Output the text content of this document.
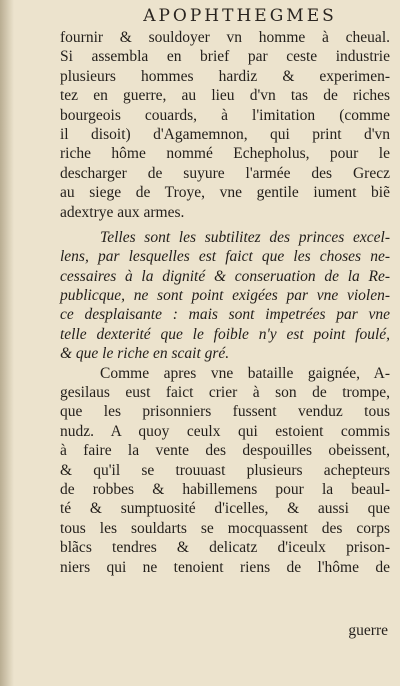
APOPHTHEGMES
fournir & souldoyer vn homme à cheual.
Si assembla en brief par ceste industrie
plusieurs hommes hardiz & experimen-
tez en guerre, au lieu d'vn tas de riches
bourgeois couards, à l'imitation (comme
il disoit) d'Agamemnon, qui print d'vn
riche hôme nommé Echepholus, pour le
descharger de suyure l'armée des Grecz
au siege de Troye, vne gentile iument biẽ
adextrye aux armes.
Telles sont les subtilitez des princes excel-
lens, par lesquelles est faict que les choses ne-
cessaires à la dignité & conseruation de la Re-
publicque, ne sont point exigées par vne violen-
ce desplaisante : mais sont impetrées par vne
telle dexterité que le foible n'y est point foulé,
& que le riche en scait gré.
Comme apres vne bataille gaignée, A-
gesilaus eust faict crier à son de trompe,
que les prisonniers fussent venduz tous
nudz. A quoy ceulx qui estoient commis
à faire la vente des despouilles obeissent,
& qu'il se trouuast plusieurs achepteurs
de robbes & habillemens pour la beaul-
té & sumptuosité d'icelles, & aussi que
tous les souldarts se mocquassent des corps
blãcs tendres & delicatz d'iceulx prison-
niers qui ne tenoient riens de l'hôme de
guerre
